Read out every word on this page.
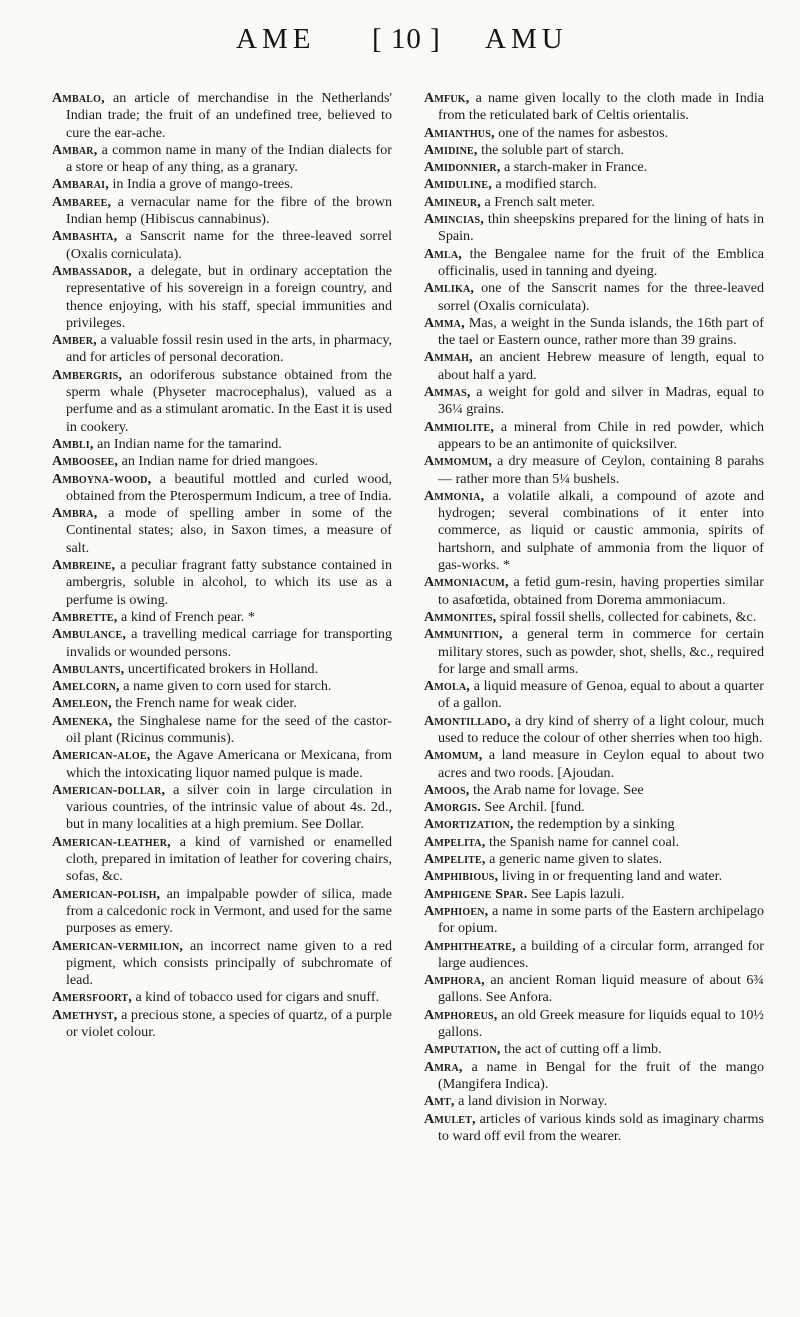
AME [ 10 ] AMU

Ambalo, an article of merchandise in the Netherlands' Indian trade; the fruit of an undefined tree, believed to cure the ear-ache.

Ambar, a common name in many of the Indian dialects for a store or heap of any thing, as a granary.

Ambarai, in India a grove of mango-trees.

Ambaree, a vernacular name for the fibre of the brown Indian hemp (Hibiscus cannabinus).

Ambashta, a Sanscrit name for the three-leaved sorrel (Oxalis corniculata).

Ambassador, a delegate, but in ordinary acceptation the representative of his sovereign in a foreign country, and thence enjoying, with his staff, special immunities and privileges.

Amber, a valuable fossil resin used in the arts, in pharmacy, and for articles of personal decoration.

Ambergris, an odoriferous substance obtained from the sperm whale (Physeter macrocephalus), valued as a perfume and as a stimulant aromatic. In the East it is used in cookery.

Ambli, an Indian name for the tamarind.

Amboosee, an Indian name for dried mangoes.

Amboyna-wood, a beautiful mottled and curled wood, obtained from the Pterospermum Indicum, a tree of India.

Ambra, a mode of spelling amber in some of the Continental states; also, in Saxon times, a measure of salt.

Ambreine, a peculiar fragrant fatty substance contained in ambergris, soluble in alcohol, to which its use as a perfume is owing.

Ambrette, a kind of French pear. *

Ambulance, a travelling medical carriage for transporting invalids or wounded persons.

Ambulants, uncertificated brokers in Holland.

Amelcorn, a name given to corn used for starch.

Ameleon, the French name for weak cider.

Ameneka, the Singhalese name for the seed of the castor-oil plant (Ricinus communis).

American-aloe, the Agave Americana or Mexicana, from which the intoxicating liquor named pulque is made.

American-dollar, a silver coin in large circulation in various countries, of the intrinsic value of about 4s. 2d., but in many localities at a high premium. See Dollar.

American-leather, a kind of varnished or enamelled cloth, prepared in imitation of leather for covering chairs, sofas, &c.

American-polish, an impalpable powder of silica, made from a calcedonic rock in Vermont, and used for the same purposes as emery.

American-vermilion, an incorrect name given to a red pigment, which consists principally of subchromate of lead.

Amersfoort, a kind of tobacco used for cigars and snuff.

Amethyst, a precious stone, a species of quartz, of a purple or violet colour.

Amfuk, a name given locally to the cloth made in India from the reticulated bark of Celtis orientalis.

Amianthus, one of the names for asbestos.

Amidine, the soluble part of starch.

Amidonnier, a starch-maker in France.

Amiduline, a modified starch.

Amineur, a French salt meter.

Amincias, thin sheepskins prepared for the lining of hats in Spain.

Amla, the Bengalee name for the fruit of the Emblica officinalis, used in tanning and dyeing.

Amlika, one of the Sanscrit names for the three-leaved sorrel (Oxalis corniculata).

Amma, Mas, a weight in the Sunda islands, the 16th part of the tael or Eastern ounce, rather more than 39 grains.

Ammah, an ancient Hebrew measure of length, equal to about half a yard.

Ammas, a weight for gold and silver in Madras, equal to 36¼ grains.

Ammiolite, a mineral from Chile in red powder, which appears to be an antimonite of quicksilver.

Ammomum, a dry measure of Ceylon, containing 8 parahs — rather more than 5¼ bushels.

Ammonia, a volatile alkali, a compound of azote and hydrogen; several combinations of it enter into commerce, as liquid or caustic ammonia, spirits of hartshorn, and sulphate of ammonia from the liquor of gas-works. *

Ammoniacum, a fetid gum-resin, having properties similar to asafœtida, obtained from Dorema ammoniacum.

Ammonites, spiral fossil shells, collected for cabinets, &c.

Ammunition, a general term in commerce for certain military stores, such as powder, shot, shells, &c., required for large and small arms.

Amola, a liquid measure of Genoa, equal to about a quarter of a gallon.

Amontillado, a dry kind of sherry of a light colour, much used to reduce the colour of other sherries when too high.

Amomum, a land measure in Ceylon equal to about two acres and two roods. [Ajoudan.

Amoos, the Arab name for lovage. See

Amorgis. See Archil. [fund.

Amortization, the redemption by a sinking

Ampelita, the Spanish name for cannel coal.

Ampelite, a generic name given to slates.

Amphibious, living in or frequenting land and water.

Amphigene Spar. See Lapis lazuli.

Amphioen, a name in some parts of the Eastern archipelago for opium.

Amphitheatre, a building of a circular form, arranged for large audiences.

Amphora, an ancient Roman liquid measure of about 6¾ gallons. See Anfora.

Amphoreus, an old Greek measure for liquids equal to 10½ gallons.

Amputation, the act of cutting off a limb.

Amra, a name in Bengal for the fruit of the mango (Mangifera Indica).

Amt, a land division in Norway.

Amulet, articles of various kinds sold as imaginary charms to ward off evil from the wearer.
